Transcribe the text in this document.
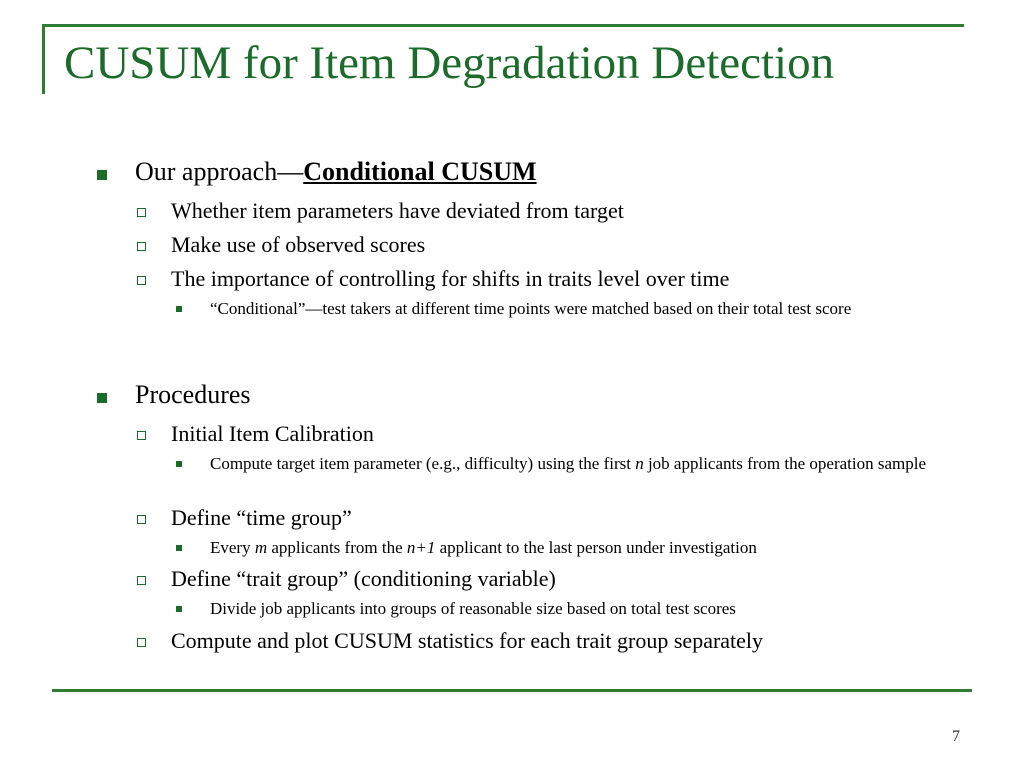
CUSUM for Item Degradation Detection
Our approach—Conditional CUSUM
Whether item parameters have deviated from target
Make use of observed scores
The importance of controlling for shifts in traits level over time
“Conditional”—test takers at different time points were matched based on their total test score
Procedures
Initial Item Calibration
Compute target item parameter (e.g., difficulty) using the first n job applicants from the operation sample
Define “time group”
Every m applicants from the n+1 applicant to the last person under investigation
Define “trait group” (conditioning variable)
Divide job applicants into groups of reasonable size based on total test scores
Compute and plot CUSUM statistics for each trait group separately
7
